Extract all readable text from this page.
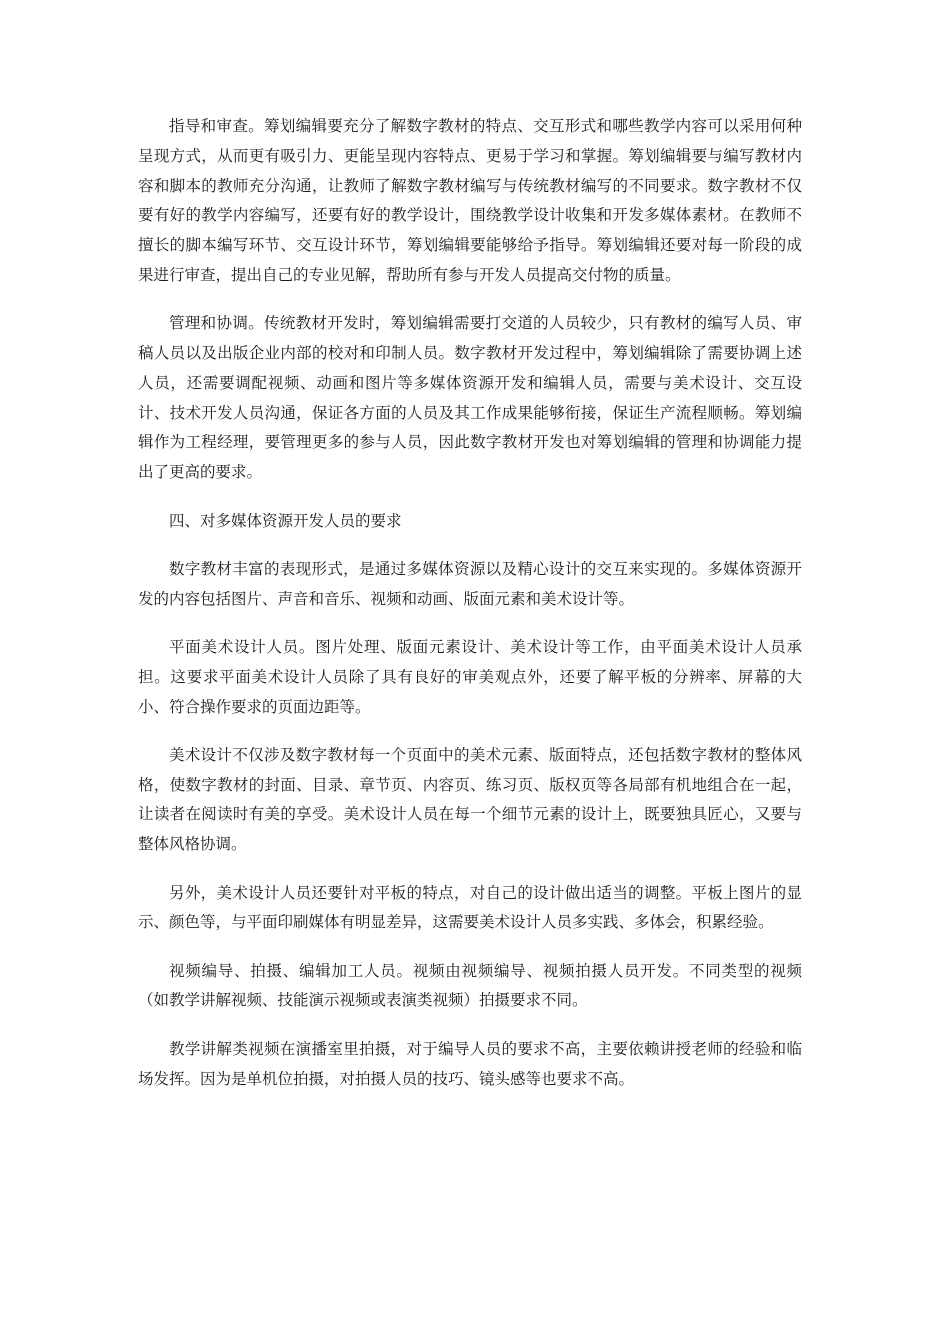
指导和审查。筹划编辑要充分了解数字教材的特点、交互形式和哪些教学内容可以采用何种呈现方式，从而更有吸引力、更能呈现内容特点、更易于学习和掌握。筹划编辑要与编写教材内容和脚本的教师充分沟通，让教师了解数字教材编写与传统教材编写的不同要求。数字教材不仅要有好的教学内容编写，还要有好的教学设计，围绕教学设计收集和开发多媒体素材。在教师不擅长的脚本编写环节、交互设计环节，筹划编辑要能够给予指导。筹划编辑还要对每一阶段的成果进行审查，提出自己的专业见解，帮助所有参与开发人员提高交付物的质量。

管理和协调。传统教材开发时，筹划编辑需要打交道的人员较少，只有教材的编写人员、审稿人员以及出版企业内部的校对和印制人员。数字教材开发过程中，筹划编辑除了需要协调上述人员，还需要调配视频、动画和图片等多媒体资源开发和编辑人员，需要与美术设计、交互设计、技术开发人员沟通，保证各方面的人员及其工作成果能够衔接，保证生产流程顺畅。筹划编辑作为工程经理，要管理更多的参与人员，因此数字教材开发也对筹划编辑的管理和协调能力提出了更高的要求。

四、对多媒体资源开发人员的要求

数字教材丰富的表现形式，是通过多媒体资源以及精心设计的交互来实现的。多媒体资源开发的内容包括图片、声音和音乐、视频和动画、版面元素和美术设计等。

平面美术设计人员。图片处理、版面元素设计、美术设计等工作，由平面美术设计人员承担。这要求平面美术设计人员除了具有良好的审美观点外，还要了解平板的分辨率、屏幕的大小、符合操作要求的页面边距等。

美术设计不仅涉及数字教材每一个页面中的美术元素、版面特点，还包括数字教材的整体风格，使数字教材的封面、目录、章节页、内容页、练习页、版权页等各局部有机地组合在一起，让读者在阅读时有美的享受。美术设计人员在每一个细节元素的设计上，既要独具匠心，又要与整体风格协调。

另外，美术设计人员还要针对平板的特点，对自己的设计做出适当的调整。平板上图片的显示、颜色等，与平面印刷媒体有明显差异，这需要美术设计人员多实践、多体会，积累经验。

视频编导、拍摄、编辑加工人员。视频由视频编导、视频拍摄人员开发。不同类型的视频（如教学讲解视频、技能演示视频或表演类视频）拍摄要求不同。

教学讲解类视频在演播室里拍摄，对于编导人员的要求不高，主要依赖讲授老师的经验和临场发挥。因为是单机位拍摄，对拍摄人员的技巧、镜头感等也要求不高。
